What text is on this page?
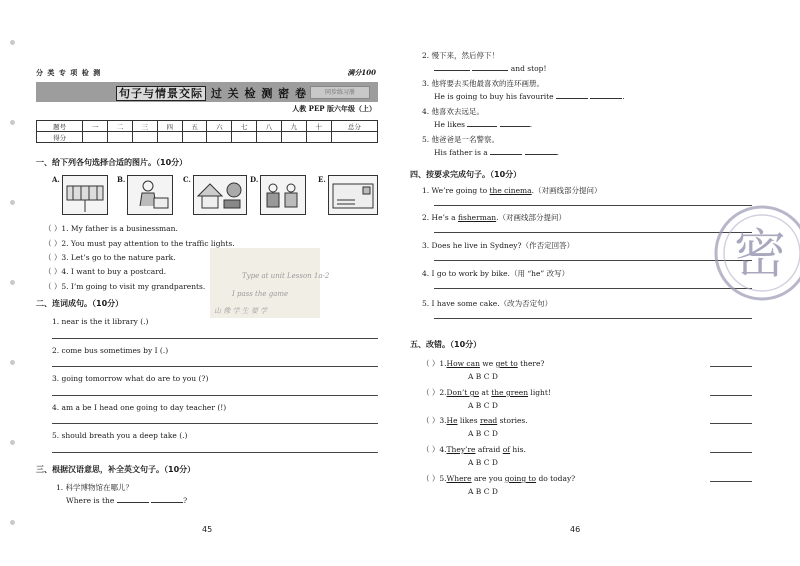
分 类 专 项 检 测	满分100
句子与情景交际 过 关 检 测 密 卷	同步练习册
人教 PEP 版六年级（上）
题号	一	二	三	四	五	六	七	八	九	十	总分
得分											
一、给下列各句选择合适的图片。（10分）
A.	B.	C.	D.	E.
（ ）1. My father is a businessman.
（ ）2. You must pay attention to the traffic lights.
（ ）3. Let’s go to the nature park.
（ ）4. I want to buy a postcard.
（ ）5. I’m going to visit my grandparents.
Type at unit Lesson 1a-2
I pass the game
山 像 学 生 要 学
二、连词成句。（10分）
1. near is the it library (.)
2. come bus sometimes by I (.)
3. going tomorrow what do are to you (?)
4. am a be I head one going to day teacher (!)
5. should breath you a deep take (.)
三、根据汉语意思，补全英文句子。（10分）
1. 科学博物馆在哪儿？
Where is the	?
45
2. 慢下来，然后停下！
and stop!
3. 他将要去买他最喜欢的连环画册。
He is going to buy his favourite	.
4. 他喜欢去远足。
He likes	.
5. 他爸爸是一名警察。
His father is a	.
四、按要求完成句子。（10分）
1. We’re going to the cinema.（对画线部分提问）
2. He’s a fisherman.（对画线部分提问）
3. Does he live in Sydney?（作否定回答）
4. I go to work by bike.（用 “he” 改写）
5. I have some cake.（改为否定句）
五、改错。（10分）
（ ）1.How can we get to there?
A B C D
（ ）2.Don’t go at the green light!
A B C D
（ ）3.He likes read stories.
A B C D
（ ）4.They’re afraid of his.
A B C D
（ ）5.Where are you going to do today?
A B C D
46
密
